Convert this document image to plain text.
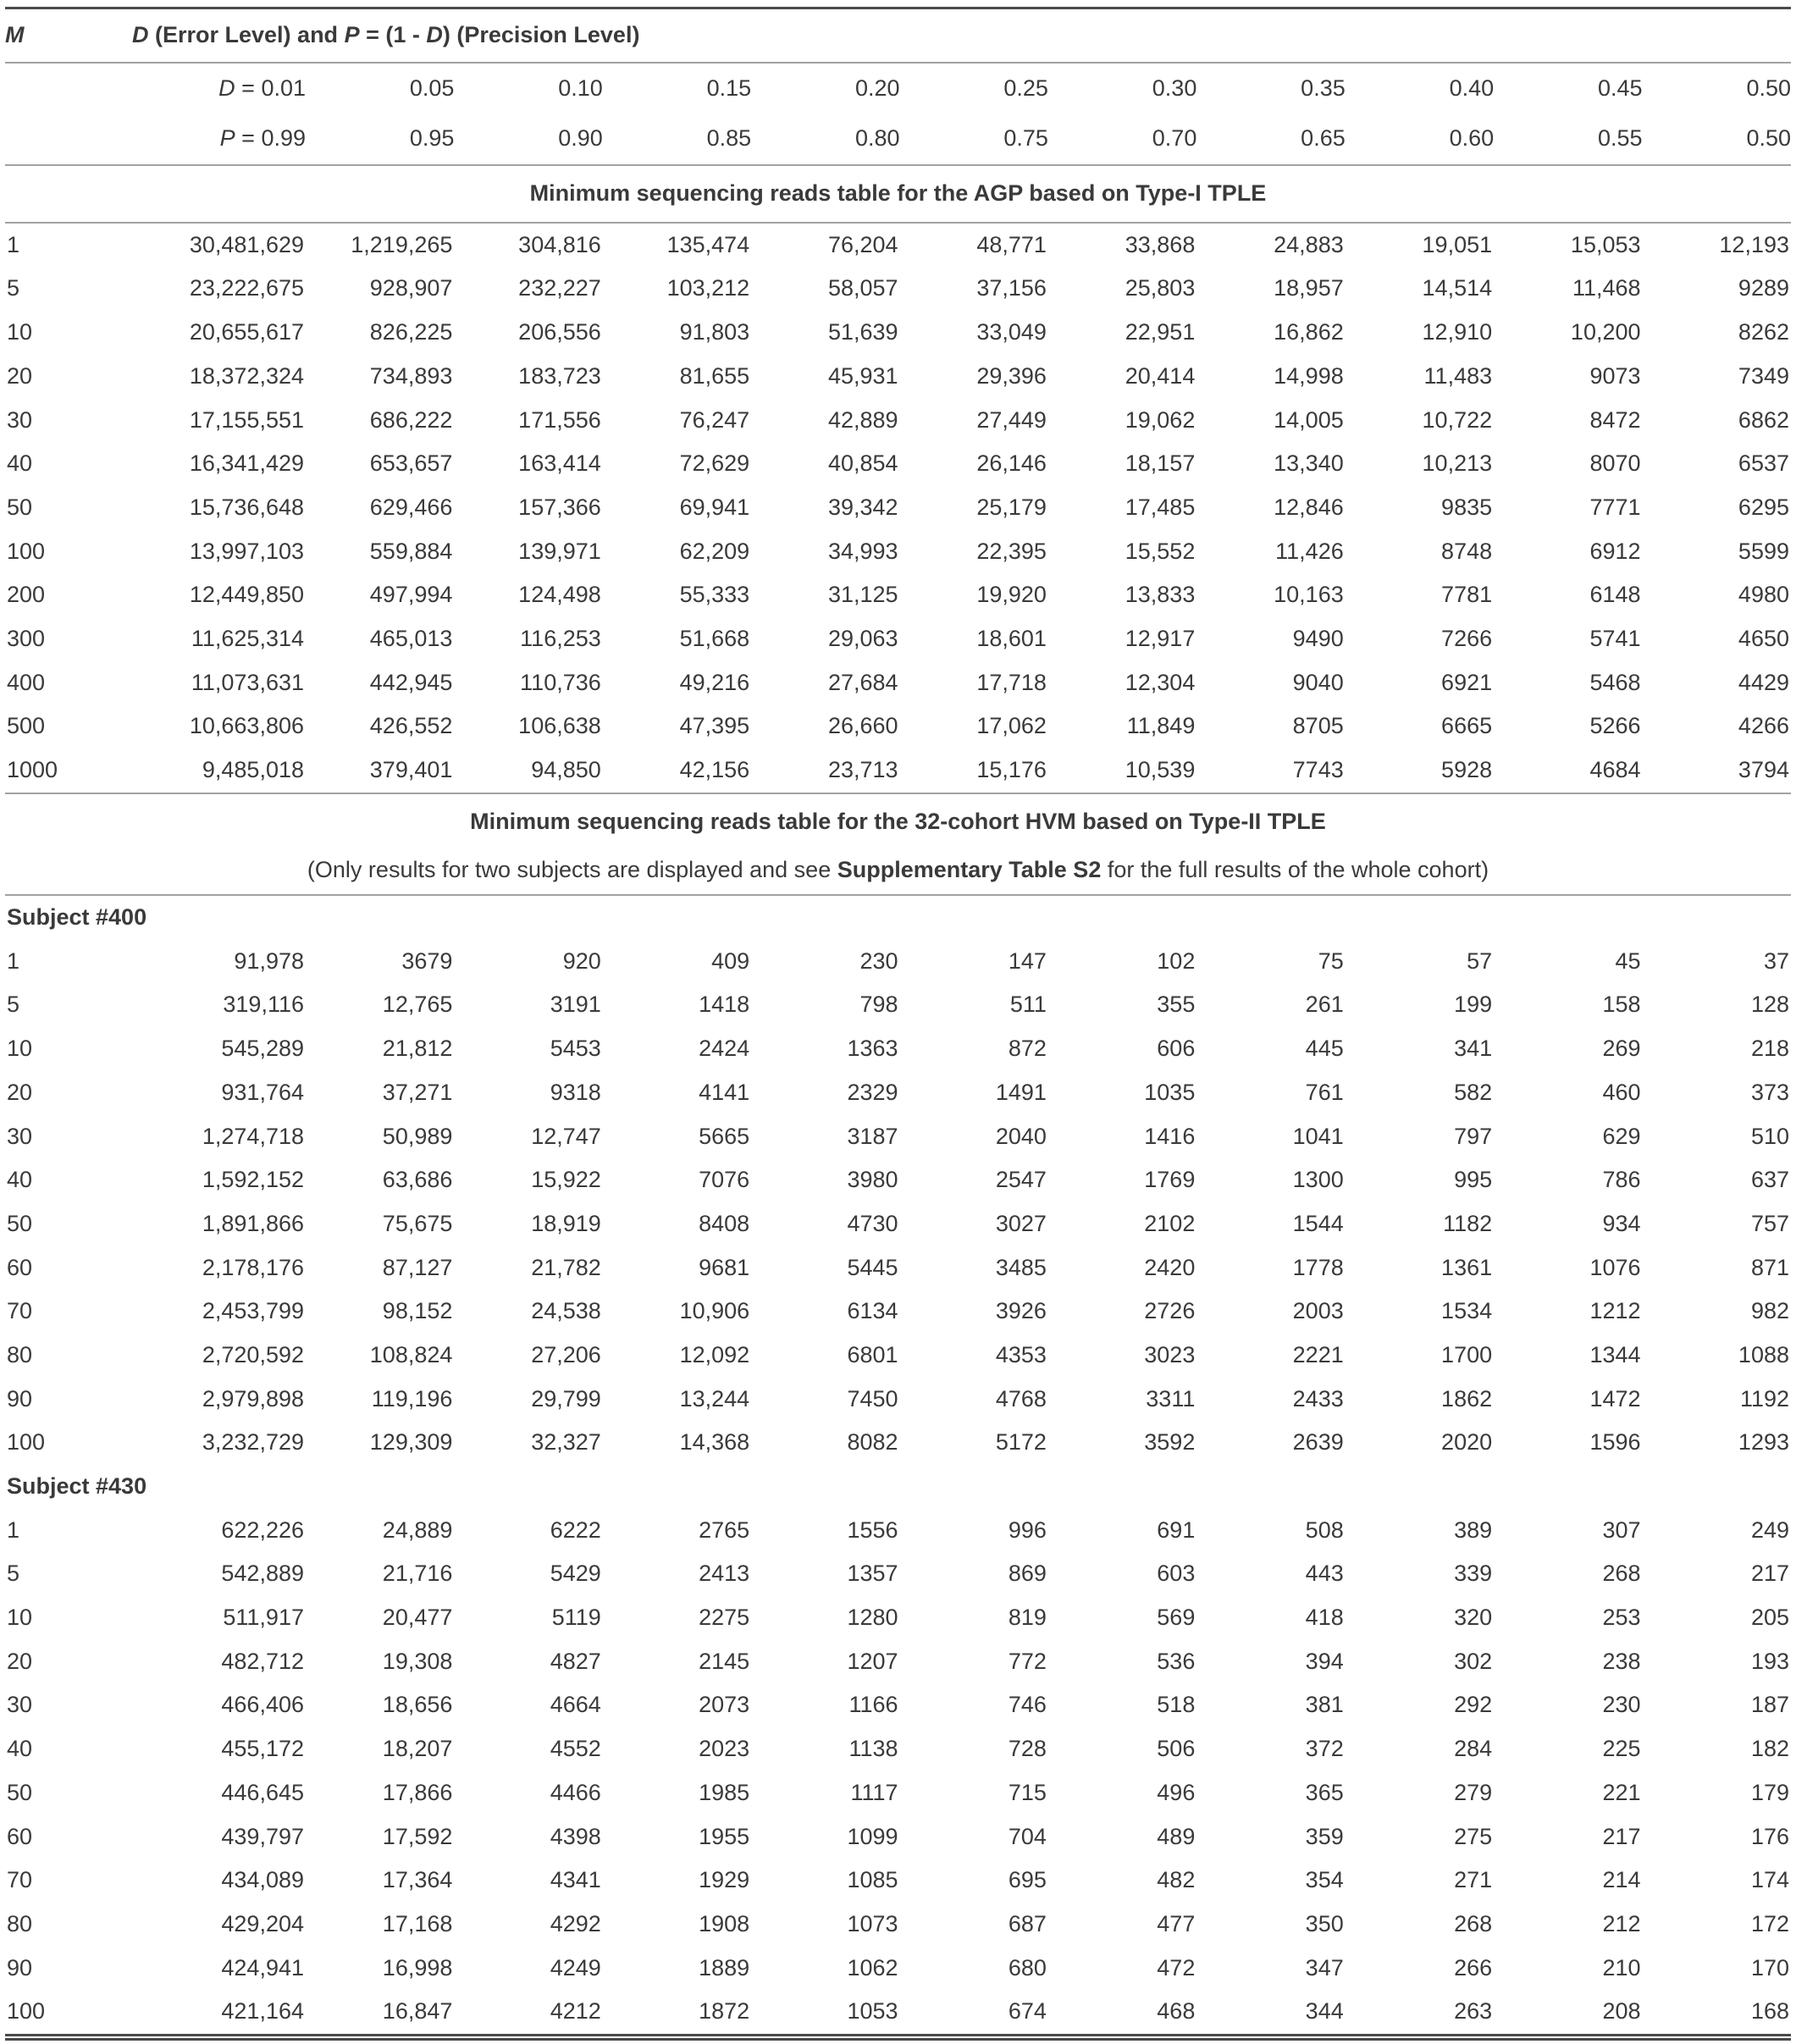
M	D (Error Level) and P = (1 - D) (Precision Level)										
	D = 0.01	0.05	0.10	0.15	0.20	0.25	0.30	0.35	0.40	0.45	0.50
	P = 0.99	0.95	0.90	0.85	0.80	0.75	0.70	0.65	0.60	0.55	0.50
Minimum sequencing reads table for the AGP based on Type-I TPLE											
1	30,481,629	1,219,265	304,816	135,474	76,204	48,771	33,868	24,883	19,051	15,053	12,193
5	23,222,675	928,907	232,227	103,212	58,057	37,156	25,803	18,957	14,514	11,468	9289
10	20,655,617	826,225	206,556	91,803	51,639	33,049	22,951	16,862	12,910	10,200	8262
20	18,372,324	734,893	183,723	81,655	45,931	29,396	20,414	14,998	11,483	9073	7349
30	17,155,551	686,222	171,556	76,247	42,889	27,449	19,062	14,005	10,722	8472	6862
40	16,341,429	653,657	163,414	72,629	40,854	26,146	18,157	13,340	10,213	8070	6537
50	15,736,648	629,466	157,366	69,941	39,342	25,179	17,485	12,846	9835	7771	6295
100	13,997,103	559,884	139,971	62,209	34,993	22,395	15,552	11,426	8748	6912	5599
200	12,449,850	497,994	124,498	55,333	31,125	19,920	13,833	10,163	7781	6148	4980
300	11,625,314	465,013	116,253	51,668	29,063	18,601	12,917	9490	7266	5741	4650
400	11,073,631	442,945	110,736	49,216	27,684	17,718	12,304	9040	6921	5468	4429
500	10,663,806	426,552	106,638	47,395	26,660	17,062	11,849	8705	6665	5266	4266
1000	9,485,018	379,401	94,850	42,156	23,713	15,176	10,539	7743	5928	4684	3794
Minimum sequencing reads table for the 32-cohort HVM based on Type-II TPLE											
(Only results for two subjects are displayed and see Supplementary Table S2 for the full results of the whole cohort)											
Subject #400											
1	91,978	3679	920	409	230	147	102	75	57	45	37
5	319,116	12,765	3191	1418	798	511	355	261	199	158	128
10	545,289	21,812	5453	2424	1363	872	606	445	341	269	218
20	931,764	37,271	9318	4141	2329	1491	1035	761	582	460	373
30	1,274,718	50,989	12,747	5665	3187	2040	1416	1041	797	629	510
40	1,592,152	63,686	15,922	7076	3980	2547	1769	1300	995	786	637
50	1,891,866	75,675	18,919	8408	4730	3027	2102	1544	1182	934	757
60	2,178,176	87,127	21,782	9681	5445	3485	2420	1778	1361	1076	871
70	2,453,799	98,152	24,538	10,906	6134	3926	2726	2003	1534	1212	982
80	2,720,592	108,824	27,206	12,092	6801	4353	3023	2221	1700	1344	1088
90	2,979,898	119,196	29,799	13,244	7450	4768	3311	2433	1862	1472	1192
100	3,232,729	129,309	32,327	14,368	8082	5172	3592	2639	2020	1596	1293
Subject #430											
1	622,226	24,889	6222	2765	1556	996	691	508	389	307	249
5	542,889	21,716	5429	2413	1357	869	603	443	339	268	217
10	511,917	20,477	5119	2275	1280	819	569	418	320	253	205
20	482,712	19,308	4827	2145	1207	772	536	394	302	238	193
30	466,406	18,656	4664	2073	1166	746	518	381	292	230	187
40	455,172	18,207	4552	2023	1138	728	506	372	284	225	182
50	446,645	17,866	4466	1985	1117	715	496	365	279	221	179
60	439,797	17,592	4398	1955	1099	704	489	359	275	217	176
70	434,089	17,364	4341	1929	1085	695	482	354	271	214	174
80	429,204	17,168	4292	1908	1073	687	477	350	268	212	172
90	424,941	16,998	4249	1889	1062	680	472	347	266	210	170
100	421,164	16,847	4212	1872	1053	674	468	344	263	208	168
